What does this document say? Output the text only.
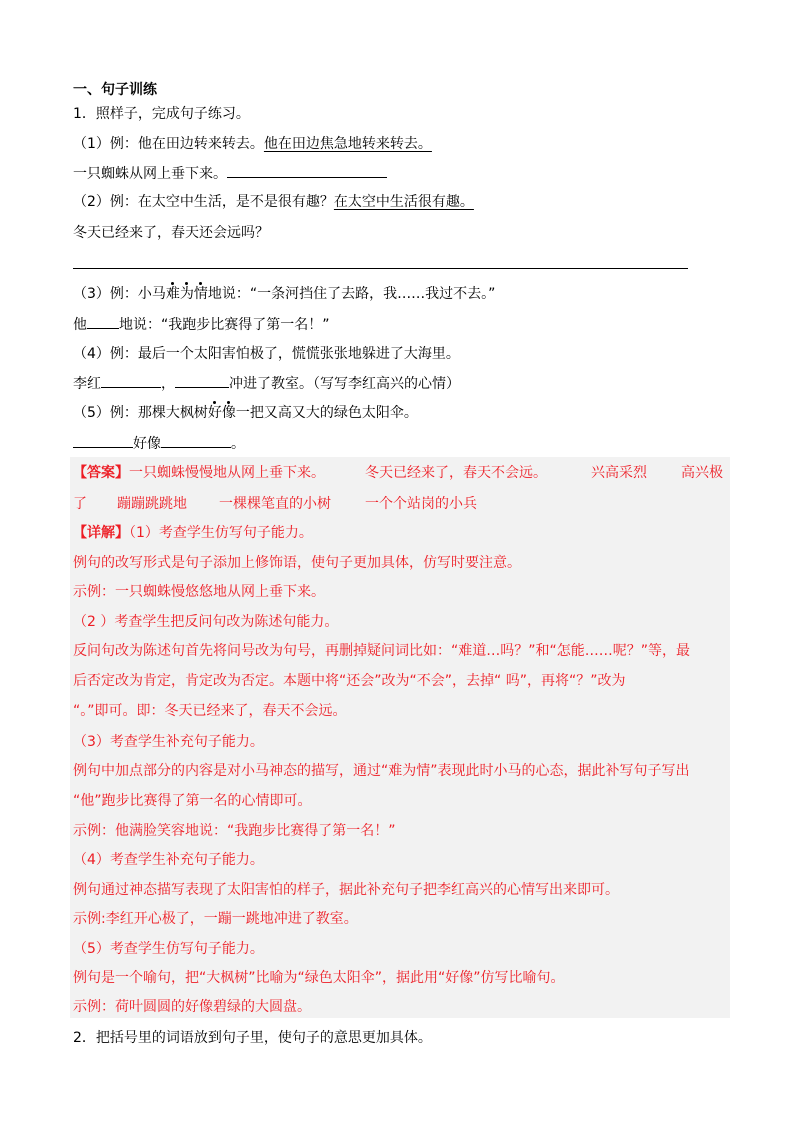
一、句子训练
1．照样子，完成句子练习。
（1）例：他在田边转来转去。他在田边焦急地转来转去。
一只蜘蛛从网上垂下来。
（2）例：在太空中生活，是不是很有趣？在太空中生活很有趣。
冬天已经来了，春天还会远吗？
（3）例：小马难为情地说：“一条河挡住了去路，我……我过不去。”
他 地说：“我跑步比赛得了第一名！”
（4）例：最后一个太阳害怕极了，慌慌张张地躲进了大海里。
李红	，	冲进了教室。（写写李红高兴的心情）
（5）例：那棵大枫树好像一把又高又大的绿色太阳伞。
好像	。
【答案】一只蜘蛛慢慢地从网上垂下来。	冬天已经来了，春天不会远。	兴高采烈 高兴极
了 蹦蹦跳跳地 一棵棵笔直的小树 一个个站岗的小兵
【详解】（1）考查学生仿写句子能力。
例句的改写形式是句子添加上修饰语，使句子更加具体，仿写时要注意。
示例：一只蜘蛛慢悠悠地从网上垂下来。
（2 ）考查学生把反问句改为陈述句能力。
反问句改为陈述句首先将问号改为句号，再删掉疑问词比如：“难道…吗？”和“怎能……呢？”等，最
后否定改为肯定，肯定改为否定。本题中将“还会”改为“不会”，去掉“ 吗”，再将“？”改为
“。”即可。即：冬天已经来了，春天不会远。
（3）考查学生补充句子能力。
例句中加点部分的内容是对小马神态的描写，通过“难为情”表现此时小马的心态，据此补写句子写出
“他”跑步比赛得了第一名的心情即可。
示例：他满脸笑容地说：“我跑步比赛得了第一名！”
（4）考查学生补充句子能力。
例句通过神态描写表现了太阳害怕的样子，据此补充句子把李红高兴的心情写出来即可。
示例:李红开心极了，一蹦一跳地冲进了教室。
（5）考查学生仿写句子能力。
例句是一个喻句，把“大枫树”比喻为“绿色太阳伞”，据此用“好像”仿写比喻句。
示例：荷叶圆圆的好像碧绿的大圆盘。
2．把括号里的词语放到句子里，使句子的意思更加具体。
